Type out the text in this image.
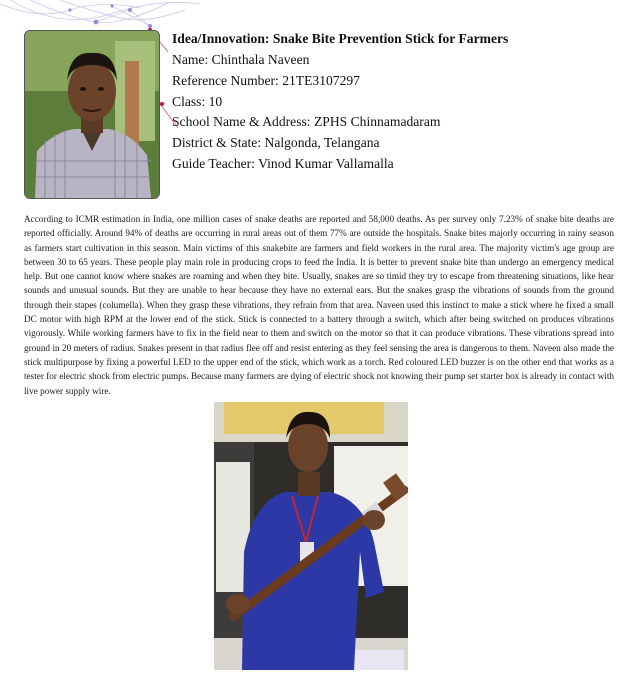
Idea/Innovation: Snake Bite Prevention Stick for Farmers

Name: Chinthala Naveen

Reference Number: 21TE3107297

Class: 10

School Name & Address: ZPHS Chinnamadaram

District & State: Nalgonda, Telangana

Guide Teacher: Vinod Kumar Vallamalla

According to ICMR estimation in India, one million cases of snake deaths are reported and 58,000 deaths. As per survey only 7.23% of snake bite deaths are reported officially. Around 94% of deaths are occurring in rural areas out of them 77% are outside the hospitals. Snake bites majorly occurring in rainy season as farmers start cultivation in this season. Main victims of this snakebite are farmers and field workers in the rural area. The majority victim's age group are between 30 to 65 years. These people play main role in producing crops to feed the India. It is better to prevent snake bite than undergo an emergency medical help. But one cannot know where snakes are roaming and when they bite. Usually, snakes are so timid they try to escape from threatening situations, like hear sounds and unusual sounds. But they are unable to hear because they have no external ears. But the snakes grasp the vibrations of sounds from the ground through their stapes (columella). When they grasp these vibrations, they refrain from that area. Naveen used this instinct to make a stick where he fixed a small DC motor with high RPM at the lower end of the stick. Stick is connected to a battery through a switch, which after being switched on produces vibrations vigorously. While working farmers have to fix in the field near to them and switch on the motor so that it can produce vibrations. These vibrations spread into ground in 20 meters of radius. Snakes present in that radius flee off and resist entering as they feel sensing the area is dangerous to them. Naveen also made the stick multipurpose by fixing a powerful LED to the upper end of the stick, which work as a torch. Red coloured LED buzzer is on the other end that works as a tester for electric shock from electric pumps. Because many farmers are dying of electric shock not knowing their pump set starter box is already in contact with live power supply wire.
